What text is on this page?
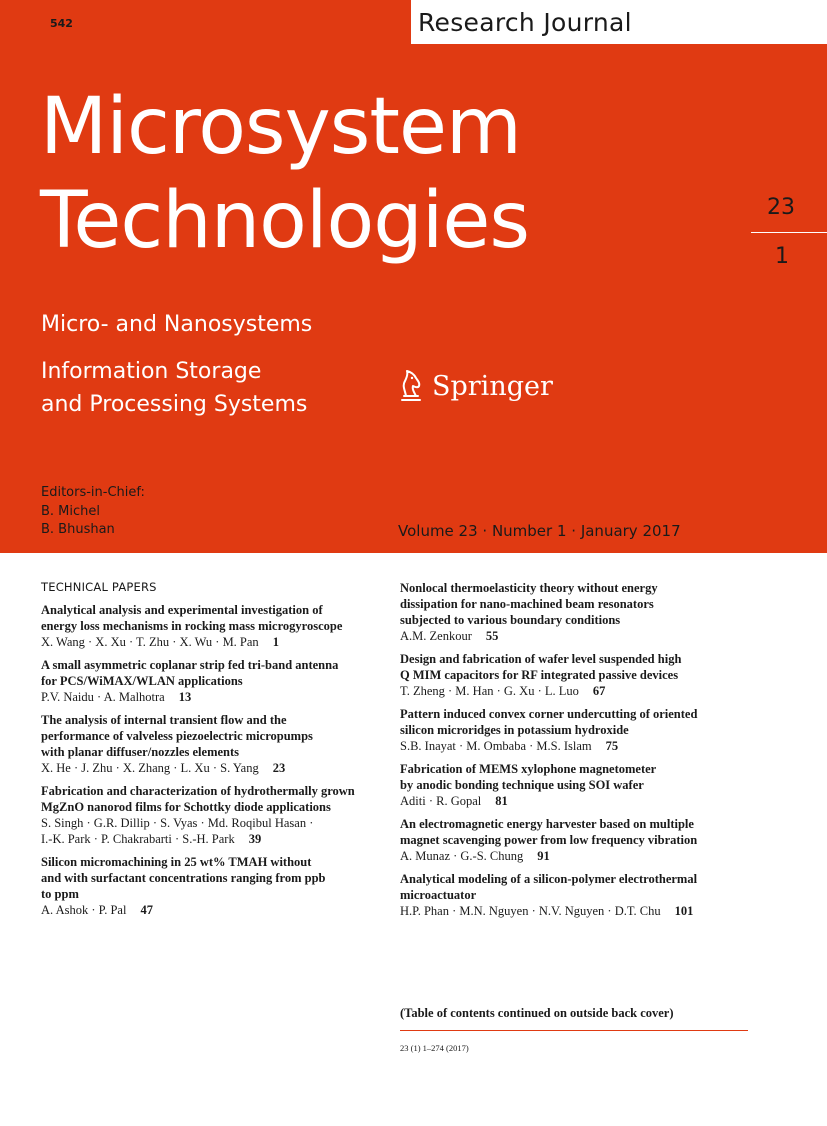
542	Research Journal
Microsystem
Technologies	23
1
Micro- and Nanosystems
Information Storage
and Processing Systems
Springer
Editors-in-Chief:
B. Michel
B. Bhushan	Volume 23 · Number 1 · January 2017
TECHNICAL PAPERS
Analytical analysis and experimental investigation of
energy loss mechanisms in rocking mass microgyroscope
X. Wang · X. Xu · T. Zhu · X. Wu · M. Pan 1
A small asymmetric coplanar strip fed tri-band antenna
for PCS/WiMAX/WLAN applications
P.V. Naidu · A. Malhotra 13
The analysis of internal transient flow and the
performance of valveless piezoelectric micropumps
with planar diffuser/nozzles elements
X. He · J. Zhu · X. Zhang · L. Xu · S. Yang 23
Fabrication and characterization of hydrothermally grown
MgZnO nanorod films for Schottky diode applications
S. Singh · G.R. Dillip · S. Vyas · Md. Roqibul Hasan ·
I.-K. Park · P. Chakrabarti · S.-H. Park 39
Silicon micromachining in 25 wt% TMAH without
and with surfactant concentrations ranging from ppb
to ppm
A. Ashok · P. Pal 47
Nonlocal thermoelasticity theory without energy
dissipation for nano-machined beam resonators
subjected to various boundary conditions
A.M. Zenkour 55
Design and fabrication of wafer level suspended high
Q MIM capacitors for RF integrated passive devices
T. Zheng · M. Han · G. Xu · L. Luo 67
Pattern induced convex corner undercutting of oriented
silicon microridges in potassium hydroxide
S.B. Inayat · M. Ombaba · M.S. Islam 75
Fabrication of MEMS xylophone magnetometer
by anodic bonding technique using SOI wafer
Aditi · R. Gopal 81
An electromagnetic energy harvester based on multiple
magnet scavenging power from low frequency vibration
A. Munaz · G.-S. Chung 91
Analytical modeling of a silicon-polymer electrothermal
microactuator
H.P. Phan · M.N. Nguyen · N.V. Nguyen · D.T. Chu 101
(Table of contents continued on outside back cover)
23 (1) 1–274 (2017)
